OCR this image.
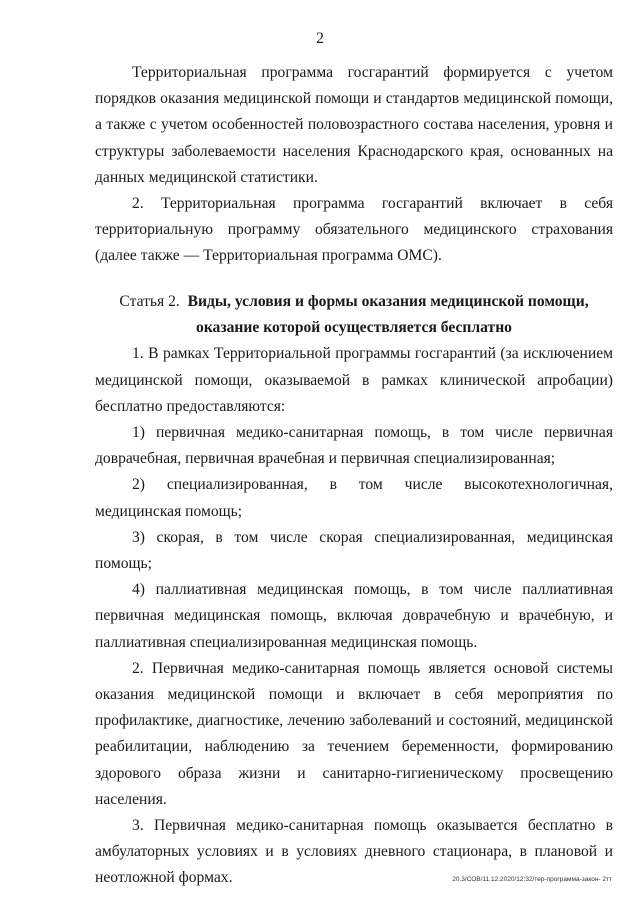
2

Территориальная программа госгарантий формируется с учетом порядков оказания медицинской помощи и стандартов медицинской помощи, а также с учетом особенностей половозрастного состава населения, уровня и структуры заболеваемости населения Краснодарского края, основанных на данных медицинской статистики.

2. Территориальная программа госгарантий включает в себя территориальную программу обязательного медицинского страхования (далее также — Территориальная программа ОМС).

Статья 2. Виды, условия и формы оказания медицинской помощи,
оказание которой осуществляется бесплатно

1. В рамках Территориальной программы госгарантий (за исключением медицинской помощи, оказываемой в рамках клинической апробации) бесплатно предоставляются:

1) первичная медико-санитарная помощь, в том числе первичная доврачебная, первичная врачебная и первичная специализированная;

2) специализированная, в том числе высокотехнологичная, медицинская помощь;

3) скорая, в том числе скорая специализированная, медицинская помощь;

4) паллиативная медицинская помощь, в том числе паллиативная первичная медицинская помощь, включая доврачебную и врачебную, и паллиативная специализированная медицинская помощь.

2. Первичная медико-санитарная помощь является основой системы оказания медицинской помощи и включает в себя мероприятия по профилактике, диагностике, лечению заболеваний и состояний, медицинской реабилитации, наблюдению за течением беременности, формированию здорового образа жизни и санитарно-гигиеническому просвещению населения.

3. Первичная медико-санитарная помощь оказывается бесплатно в амбулаторных условиях и в условиях дневного стационара, в плановой и неотложной формах.	20.3/СОВ/11.12.2020/12:32/тер-программа-закон- 2тт
